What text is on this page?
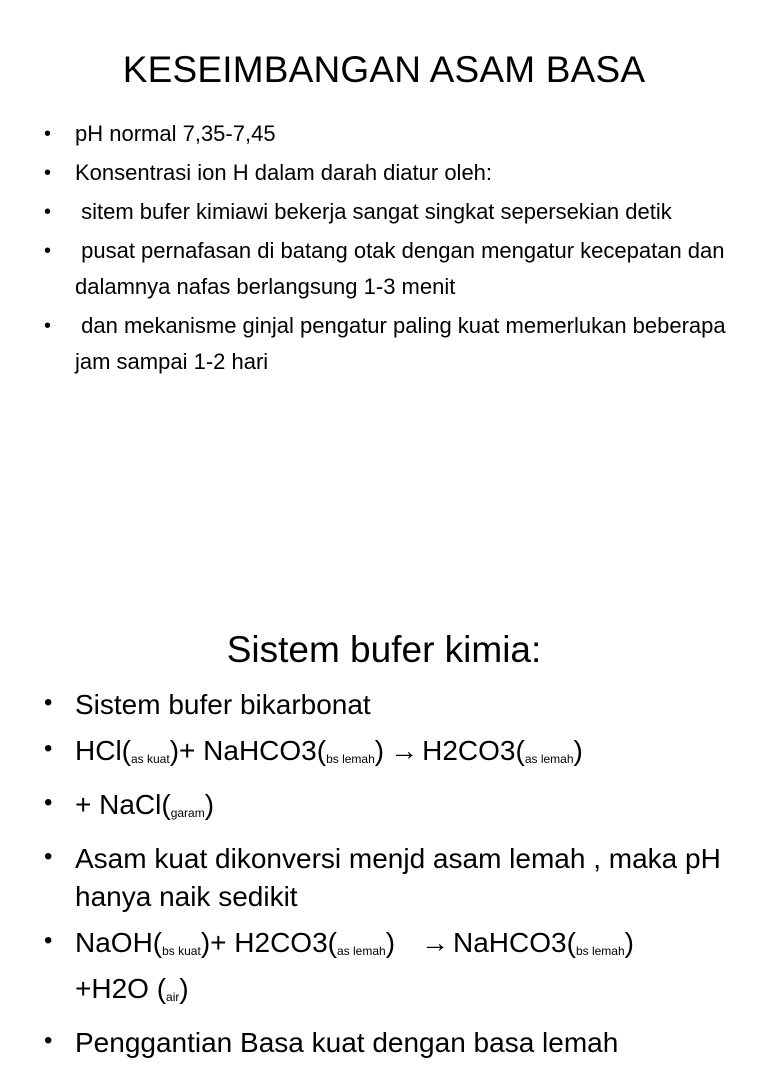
KESEIMBANGAN ASAM BASA
• pH normal 7,35-7,45
• Konsentrasi ion H dalam darah diatur oleh:
• sitem bufer kimiawi bekerja sangat singkat sepersekian detik
• pusat pernafasan di batang otak dengan mengatur kecepatan dan dalamnya nafas berlangsung 1-3 menit
• dan mekanisme ginjal pengatur paling kuat memerlukan beberapa jam sampai 1-2 hari
Sistem bufer kimia:
• Sistem bufer bikarbonat
• $HCl(_{as kuat})+$ $NaHCO3(_{bs lemah}) \to H2CO3(_{as lemah})$
• + $NaCl(_{garam})$
• Asam kuat dikonversi menjd asam lemah , maka pH hanya naik sedikit
• $NaOH(_{bs kuat})+ H2CO3(_{as lemah})$ → $NaHCO3(_{bs lemah})$
+H2O $(_{air})$
• Penggantian Basa kuat dengan basa lemah
